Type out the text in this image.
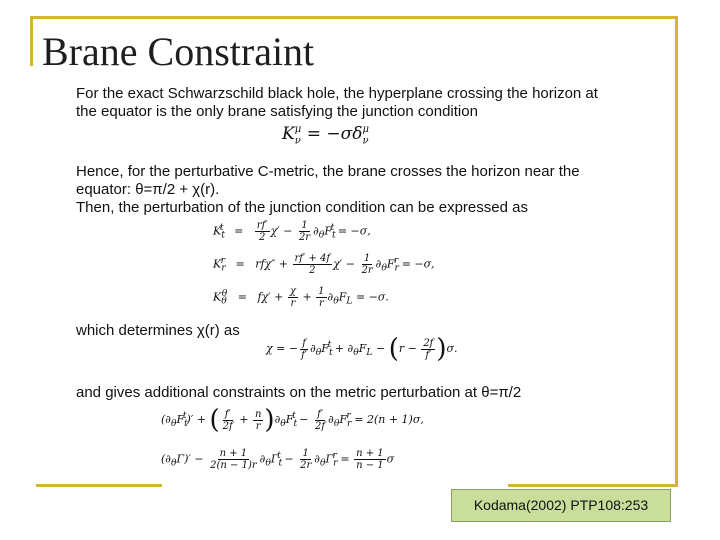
Brane Constraint

For the exact Schwarzschild black hole, the hyperplane crossing the horizon at

the equator is the only brane satisfying the junction condition

$K_\nu^\mu = -\sigma\delta_\nu^\mu$

Hence, for the perturbative C-metric, the brane crosses the horizon near the

equator: θ=π/2 + χ(r).

Then, the perturbation of the junction condition can be expressed as

$K_t^t = \frac{rf'}{2} \chi' - \frac{1}{2r} \partial_\theta F_t^t = -\sigma$,
$K_r^r = rf\chi'' + \frac{rf' + 4f}{2} \chi' - \frac{1}{2r} \partial_\theta F_r^r = -\sigma$,
$K_\theta^\theta = f\chi' + \frac{\chi}{r} + \frac{1}{r} \partial_\theta F_L = -\sigma$.

which determines χ(r) as

χ = − $\frac{f}{f'} \partial_\theta F_t^t + \partial_\theta F_L - (r - \frac{2f}{f'} )\sigma$.

and gives additional constraints on the metric perturbation at θ=π/2

$(\partial_\theta F_t^t)'$ + ( $\frac{f'}{2f} + \frac{n}{r} )\partial_\theta F_t^t - \frac{f'}{2f} \partial_\theta F_r^r = 2(n + 1)\sigma$,
$(\partial_\theta\Gamma)' - \frac{n + 1}{2(n - 1)r} \partial_\theta\Gamma_t^t - \frac{1}{2r} \partial_\theta\Gamma_r^r = \frac{n + 1}{n - 1}$ σ
Kodama(2002) PTP108:253
